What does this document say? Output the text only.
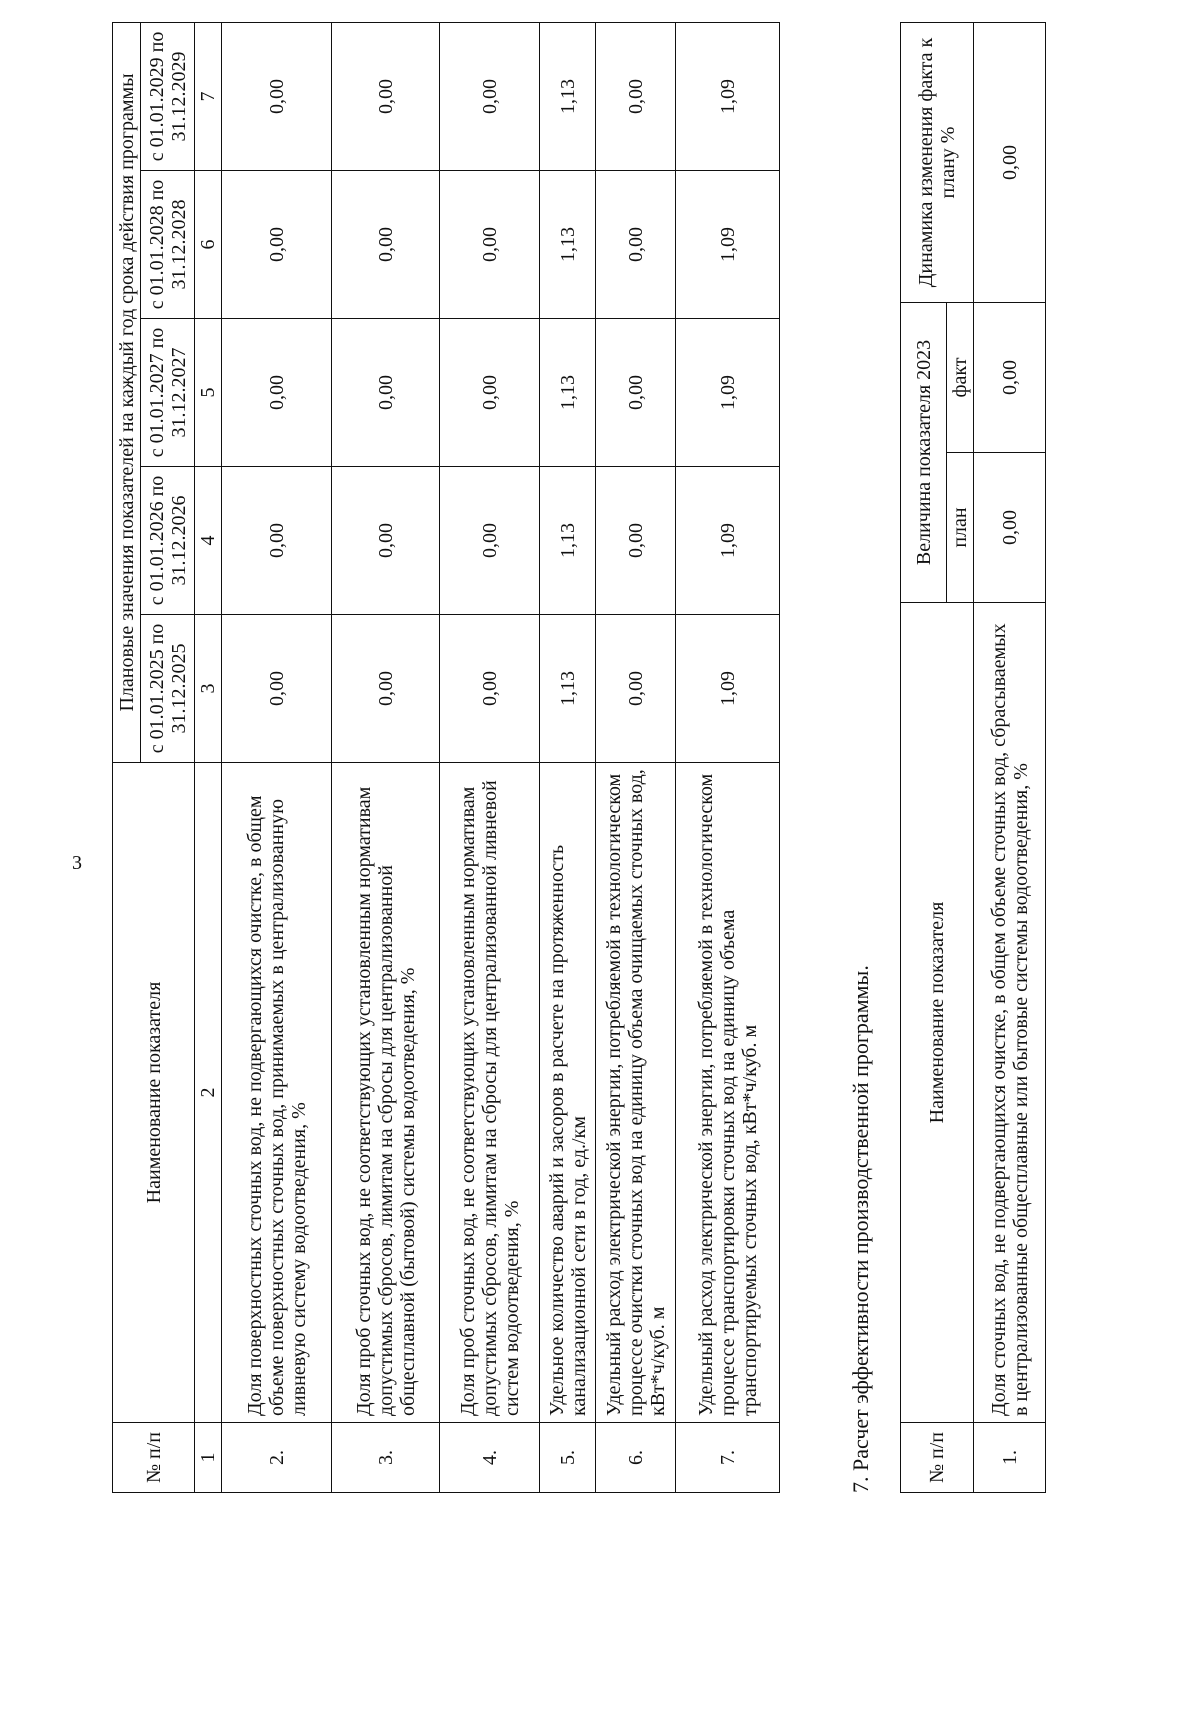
3
№ п/п	Наименование показателя	Плановые значения показателей на каждый год срока действия программы				
		с 01.01.2025 по 31.12.2025	с 01.01.2026 по 31.12.2026	с 01.01.2027 по 31.12.2027	с 01.01.2028 по 31.12.2028	с 01.01.2029 по 31.12.2029
1	2	3	4	5	6	7
2.	Доля поверхностных сточных вод, не подвергающихся очистке, в общем объеме поверхностных сточных вод, принимаемых в централизованную ливневую систему водоотведения, %	0,00	0,00	0,00	0,00	0,00
3.	Доля проб сточных вод, не соответствующих установленным нормативам допустимых сбросов, лимитам на сбросы для централизованной общесплавной (бытовой) системы водоотведения, %	0,00	0,00	0,00	0,00	0,00
4.	Доля проб сточных вод, не соответствующих установленным нормативам допустимых сбросов, лимитам на сбросы для централизованной ливневой систем водоотведения, %	0,00	0,00	0,00	0,00	0,00
5.	Удельное количество аварий и засоров в расчете на протяженность канализационной сети в год, ед./км	1,13	1,13	1,13	1,13	1,13
6.	Удельный расход электрической энергии, потребляемой в технологическом процессе очистки сточных вод на единицу объема очищаемых сточных вод, кВт*ч/куб. м	0,00	0,00	0,00	0,00	0,00
7.	Удельный расход электрической энергии, потребляемой в технологическом процессе транспортировки сточных вод на единицу объема транспортируемых сточных вод, кВт*ч/куб. м	1,09	1,09	1,09	1,09	1,09
7. Расчет эффективности производственной программы.	№ п/п	Наименование показателя	Величина показателя 2023		Динамика изменения факта к плану %
		план	факт	
1.	Доля сточных вод, не подвергающихся очистке, в общем объеме сточных вод, сбрасываемых в централизованные общесплавные или бытовые системы водоотведения, %	0,00	0,00	0,00
